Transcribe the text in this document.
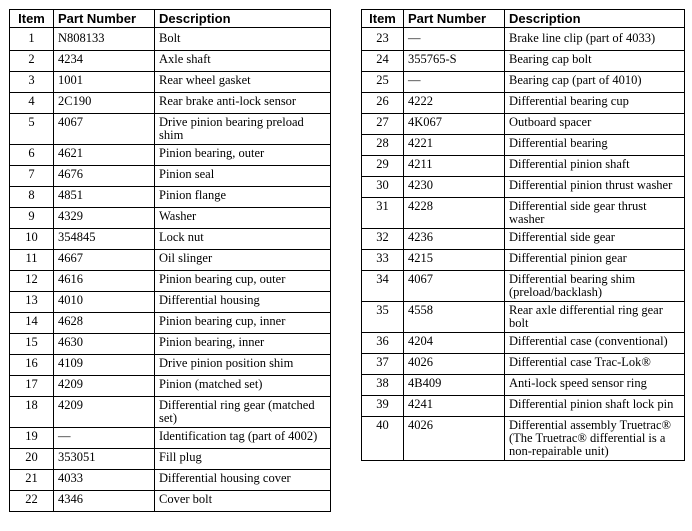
Item	Part Number	Description
1	N808133	Bolt
2	4234	Axle shaft
3	1001	Rear wheel gasket
4	2C190	Rear brake anti-lock sensor
5	4067	Drive pinion bearing preload shim
6	4621	Pinion bearing, outer
7	4676	Pinion seal
8	4851	Pinion flange
9	4329	Washer
10	354845	Lock nut
11	4667	Oil slinger
12	4616	Pinion bearing cup, outer
13	4010	Differential housing
14	4628	Pinion bearing cup, inner
15	4630	Pinion bearing, inner
16	4109	Drive pinion position shim
17	4209	Pinion (matched set)
18	4209	Differential ring gear (matched set)
19	—	Identification tag (part of 4002)
20	353051	Fill plug
21	4033	Differential housing cover
22	4346	Cover bolt
Item	Part Number	Description
23	—	Brake line clip (part of 4033)
24	355765-S	Bearing cap bolt
25	—	Bearing cap (part of 4010)
26	4222	Differential bearing cup
27	4K067	Outboard spacer
28	4221	Differential bearing
29	4211	Differential pinion shaft
30	4230	Differential pinion thrust washer
31	4228	Differential side gear thrust washer
32	4236	Differential side gear
33	4215	Differential pinion gear
34	4067	Differential bearing shim (preload/backlash)
35	4558	Rear axle differential ring gear bolt
36	4204	Differential case (conventional)
37	4026	Differential case Trac-Lok®
38	4B409	Anti-lock speed sensor ring
39	4241	Differential pinion shaft lock pin
40	4026	Differential assembly Truetrac® (The Truetrac® differential is a non-repairable unit)
